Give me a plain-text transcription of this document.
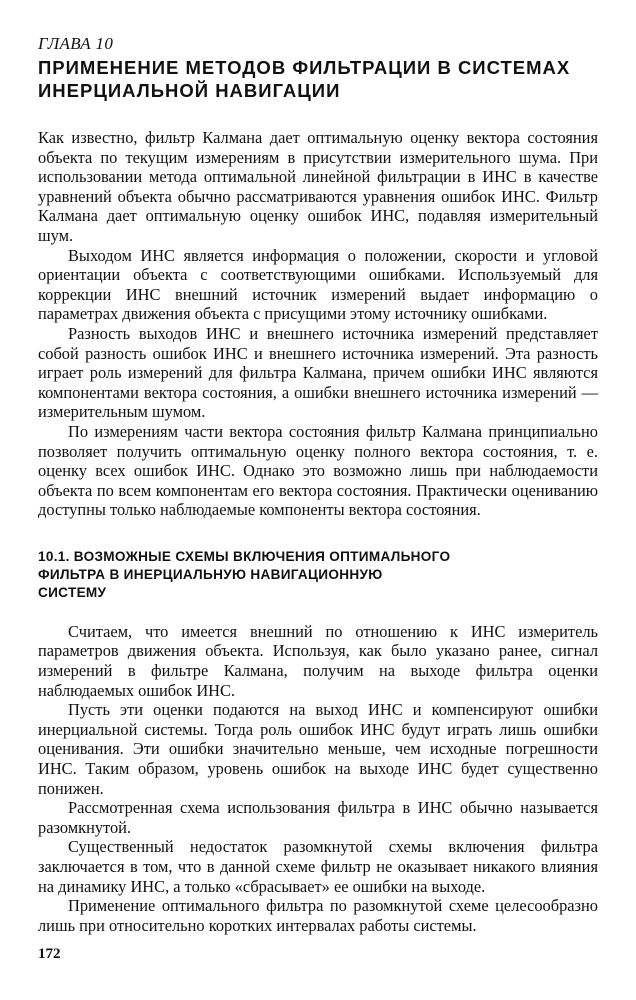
ГЛАВА 10
ПРИМЕНЕНИЕ МЕТОДОВ ФИЛЬТРАЦИИ В СИСТЕМАХ
ИНЕРЦИАЛЬНОЙ НАВИГАЦИИ

Как известно, фильтр Калмана дает оптимальную оценку вектора состояния объекта по текущим измерениям в присутствии измерительного шума. При использовании метода оптимальной линейной фильтрации в ИНС в качестве уравнений объекта обычно рассматриваются уравнения ошибок ИНС. Фильтр Калмана дает оптимальную оценку ошибок ИНС, подавляя измерительный шум.

Выходом ИНС является информация о положении, скорости и угловой ориентации объекта с соответствующими ошибками. Используемый для коррекции ИНС внешний источник измерений выдает информацию о параметрах движения объекта с присущими этому источнику ошибками.

Разность выходов ИНС и внешнего источника измерений представляет собой разность ошибок ИНС и внешнего источника измерений. Эта разность играет роль измерений для фильтра Калмана, причем ошибки ИНС являются компонентами вектора состояния, а ошибки внешнего источника измерений — измерительным шумом.

По измерениям части вектора состояния фильтр Калмана принципиально позволяет получить оптимальную оценку полного вектора состояния, т. е. оценку всех ошибок ИНС. Однако это возможно лишь при наблюдаемости объекта по всем компонентам его вектора состояния. Практически оцениванию доступны только наблюдаемые компоненты вектора состояния.

10.1. ВОЗМОЖНЫЕ СХЕМЫ ВКЛЮЧЕНИЯ ОПТИМАЛЬНОГО
ФИЛЬТРА В ИНЕРЦИАЛЬНУЮ НАВИГАЦИОННУЮ
СИСТЕМУ

Считаем, что имеется внешний по отношению к ИНС измеритель параметров движения объекта. Используя, как было указано ранее, сигнал измерений в фильтре Калмана, получим на выходе фильтра оценки наблюдаемых ошибок ИНС.

Пусть эти оценки подаются на выход ИНС и компенсируют ошибки инерциальной системы. Тогда роль ошибок ИНС будут играть лишь ошибки оценивания. Эти ошибки значительно меньше, чем исходные погрешности ИНС. Таким образом, уровень ошибок на выходе ИНС будет существенно понижен.

Рассмотренная схема использования фильтра в ИНС обычно называется разомкнутой.

Существенный недостаток разомкнутой схемы включения фильтра заключается в том, что в данной схеме фильтр не оказывает никакого влияния на динамику ИНС, а только «сбрасывает» ее ошибки на выходе.

Применение оптимального фильтра по разомкнутой схеме целесообразно лишь при относительно коротких интервалах работы системы.

172
